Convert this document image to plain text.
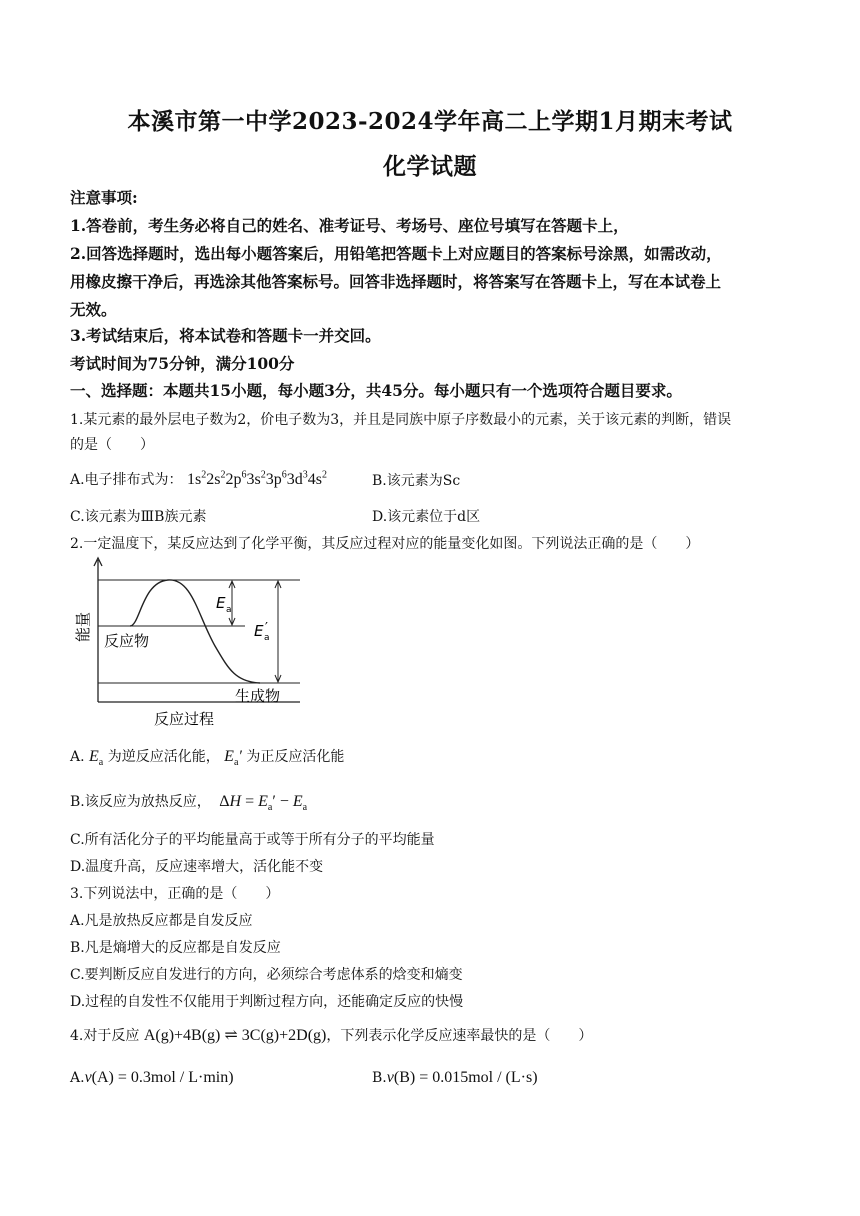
本溪市第一中学2023-2024学年高二上学期1月期末考试
化学试题
注意事项:
1.答卷前，考生务必将自己的姓名、准考证号、考场号、座位号填写在答题卡上，
2.回答选择题时，选出每小题答案后，用铅笔把答题卡上对应题目的答案标号涂黑，如需改动，
用橡皮擦干净后，再选涂其他答案标号。回答非选择题时，将答案写在答题卡上，写在本试卷上
无效。
3.考试结束后，将本试卷和答题卡一并交回。
考试时间为75分钟，满分100分
一、选择题：本题共15小题，每小题3分，共45分。每小题只有一个选项符合题目要求。
1.某元素的最外层电子数为2，价电子数为3，并且是同族中原子序数最小的元素，关于该元素的判断，错误
的是（　　）
A.电子排布式为： $1s^22s^22p^63s^23p^63d^34s^2$	B.该元素为Sc
C.该元素为ⅢB族元素	D.该元素位于d区
2.一定温度下，某反应达到了化学平衡，其反应过程对应的能量变化如图。下列说法正确的是（　　）
E a
E a
′
反应物
生成物
反应过程
能量
A. $E_a$ 为逆反应活化能， $E_a'$ 为正反应活化能
B.该反应为放热反应，  $\Delta H = E_a' - E_a$
C.所有活化分子的平均能量高于或等于所有分子的平均能量
D.温度升高，反应速率增大，活化能不变
3.下列说法中，正确的是（　　）
A.凡是放热反应都是自发反应
B.凡是熵增大的反应都是自发反应
C.要判断反应自发进行的方向，必须综合考虑体系的焓变和熵变
D.过程的自发性不仅能用于判断过程方向，还能确定反应的快慢
4.对于反应 A(g)+4B(g) ⇌ 3C(g)+2D(g)，下列表示化学反应速率最快的是（　　）
A.v(A) = 0.3mol / L·min)	B.v(B) = 0.015mol / (L·s)
